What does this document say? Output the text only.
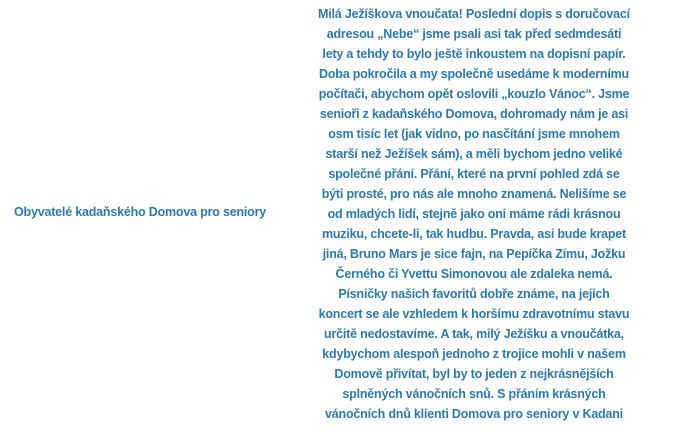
Obyvatelé kadaňského Domova pro seniory
Milá Ježíškova vnoučata! Poslední dopis s doručovací
adresou „Nebe“ jsme psali asi tak před sedmdesáti
lety a tehdy to bylo ještě inkoustem na dopisní papír.
Doba pokročila a my společně usedáme k modernímu
počítači, abychom opět oslovili „kouzlo Vánoc“. Jsme
senioři z kadaňského Domova, dohromady nám je asi
osm tisíc let (jak vidno, po nasčítání jsme mnohem
starší než Ježíšek sám), a měli bychom jedno veliké
společné přání. Přání, které na první pohled zdá se
býti prosté, pro nás ale mnoho znamená. Nelišíme se
od mladých lidí, stejně jako oni máme rádi krásnou
muziku, chcete-li, tak hudbu. Pravda, asi bude krapet
jiná, Bruno Mars je sice fajn, na Pepíčka Zímu, Jožku
Černého či Yvettu Simonovou ale zdaleka nemá.
Písničky našich favoritů dobře známe, na jejich
koncert se ale vzhledem k horšímu zdravotnímu stavu
určitě nedostavíme. A tak, milý Ježíšku a vnoučátka,
kdybychom alespoň jednoho z trojice mohli v našem
Domově přivítat, byl by to jeden z nejkrásnějších
splněných vánočních snů. S přáním krásných
vánočních dnů klienti Domova pro seniory v Kadani
